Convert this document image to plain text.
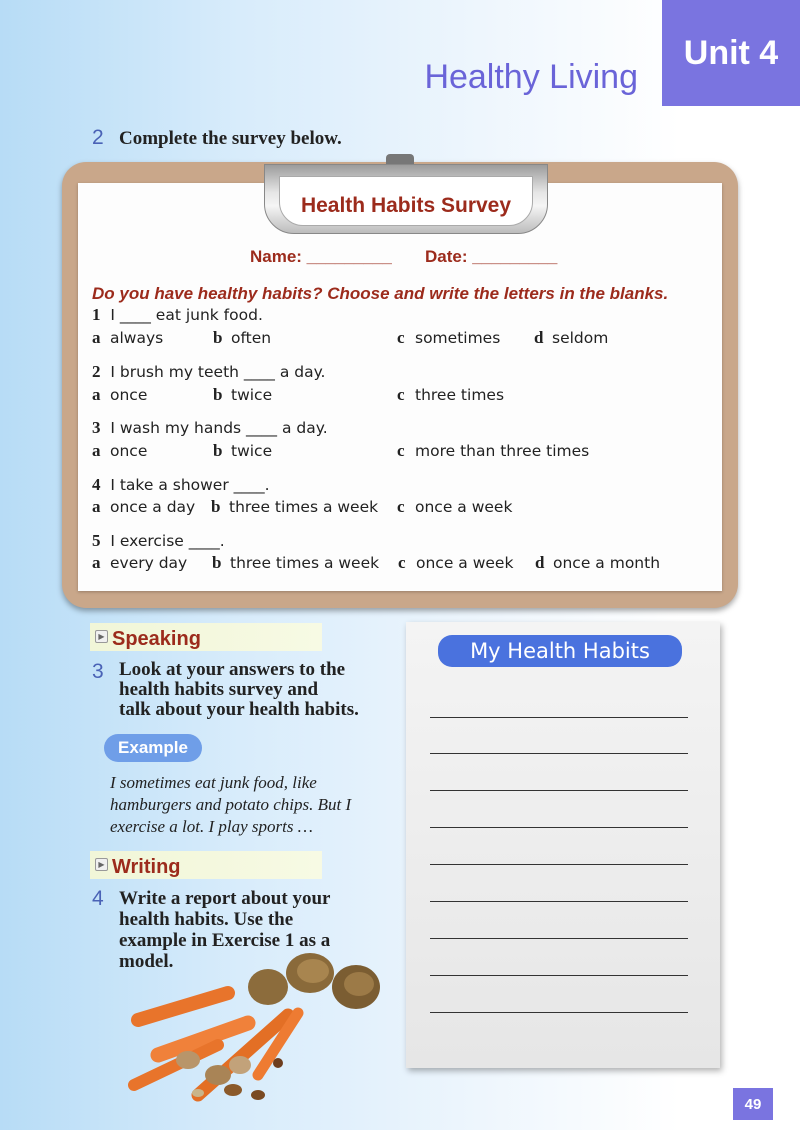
Unit 4
Healthy Living
2 Complete the survey below.
Health Habits Survey
Name: _________ Date: _________
Do you have healthy habits? Choose and write the letters in the blanks.
1 I ____ eat junk food.
a always	b often	c sometimes d seldom
2 I brush my teeth ____ a day.
a once	b twice	c three times
3 I wash my hands ____ a day.
a once	b twice	c more than three times
4 I take a shower ____.
a once a day b three times a week c once a week
5 I exercise ____.
a every day b three times a week c once a week d once a month
▶ Speaking
3 Look at your answers to the
health habits survey and
talk about your health habits.
Example
I sometimes eat junk food, like hamburgers and potato chips. But I exercise a lot. I play sports …
▶ Writing
4 Write a report about your
health habits. Use the
example in Exercise 1 as a
model.
My Health Habits
49
